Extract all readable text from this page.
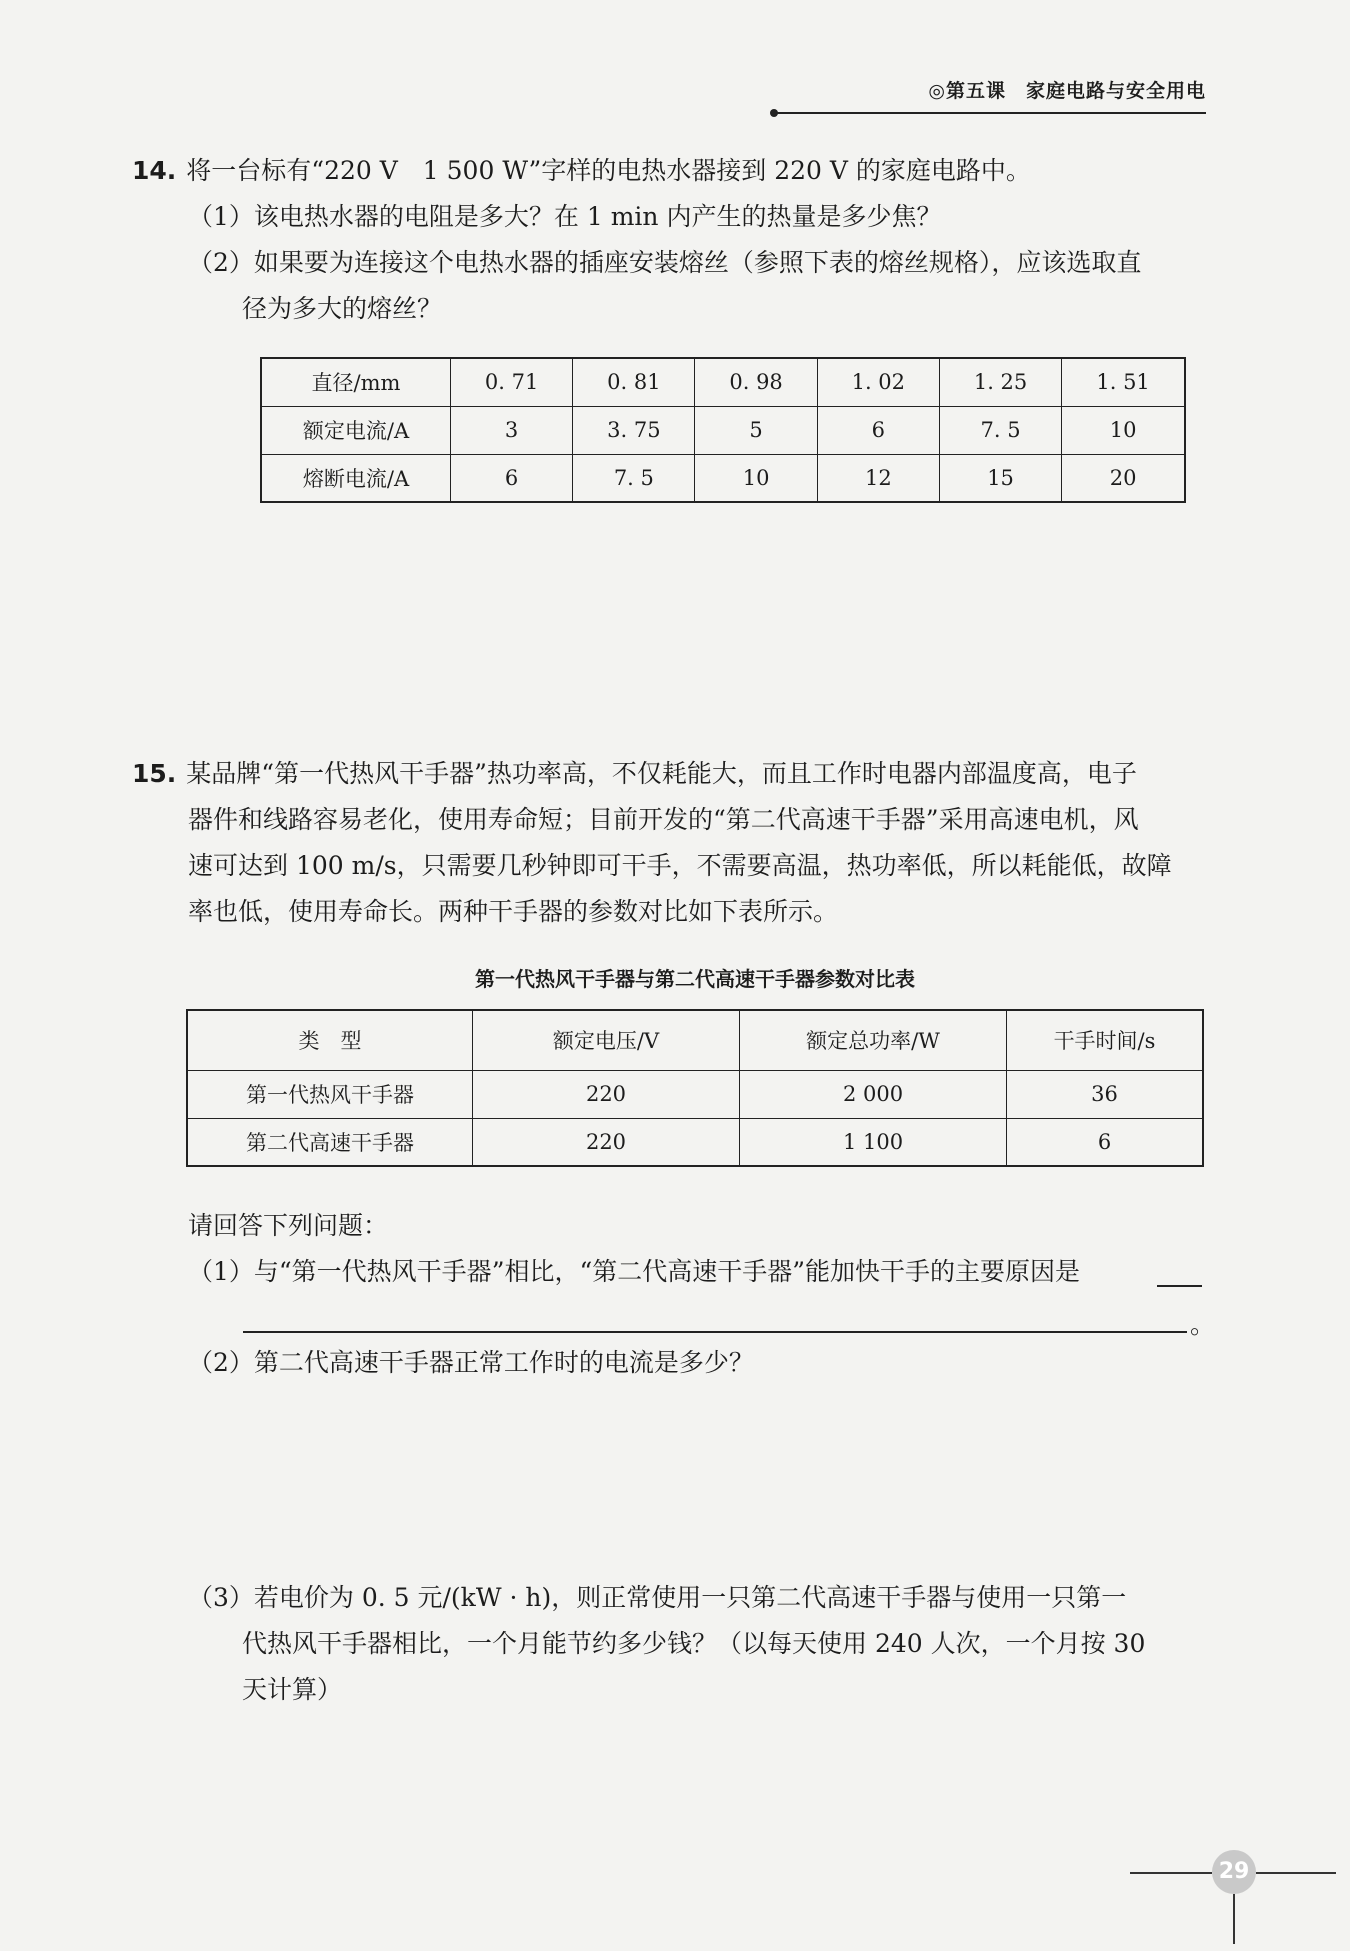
◎第五课　家庭电路与安全用电
14. 将一台标有“220 V　1 500 W”字样的电热水器接到 220 V 的家庭电路中。
（1）该电热水器的电阻是多大？在 1 min 内产生的热量是多少焦？
（2）如果要为连接这个电热水器的插座安装熔丝（参照下表的熔丝规格），应该选取直
径为多大的熔丝？
直径/mm	0. 71	0. 81	0. 98	1. 02	1. 25	1. 51
额定电流/A	3	3. 75	5	6	7. 5	10
熔断电流/A	6	7. 5	10	12	15	20
15. 某品牌“第一代热风干手器”热功率高，不仅耗能大，而且工作时电器内部温度高，电子
器件和线路容易老化，使用寿命短；目前开发的“第二代高速干手器”采用高速电机，风
速可达到 100 m/s，只需要几秒钟即可干手，不需要高温，热功率低，所以耗能低，故障
率也低，使用寿命长。两种干手器的参数对比如下表所示。
第一代热风干手器与第二代高速干手器参数对比表
类　型	额定电压/V	额定总功率/W	干手时间/s
第一代热风干手器	220	2 000	36
第二代高速干手器	220	1 100	6
请回答下列问题：
（1）与“第一代热风干手器”相比，“第二代高速干手器”能加快干手的主要原因是
。
（2）第二代高速干手器正常工作时的电流是多少？
（3）若电价为 0. 5 元/(kW · h)，则正常使用一只第二代高速干手器与使用一只第一
代热风干手器相比，一个月能节约多少钱？（以每天使用 240 人次，一个月按 30
天计算）
29
